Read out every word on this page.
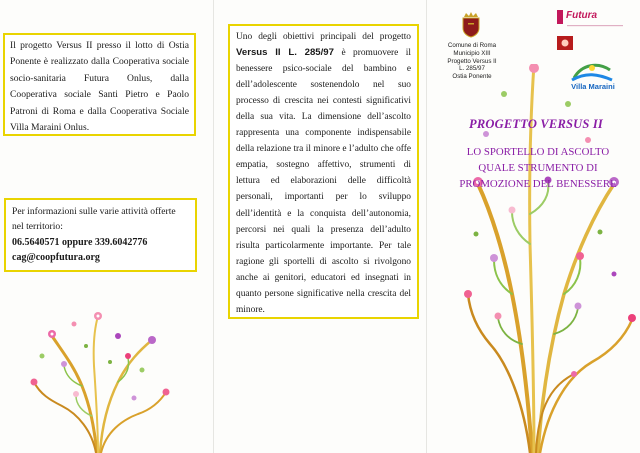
Il progetto Versus II presso il lotto di Ostia Ponente è realizzato dalla Cooperativa sociale socio-sanitaria Futura Onlus, dalla Cooperativa sociale Santi Pietro e Paolo Patroni di Roma e dalla Cooperativa Sociale Villa Maraini Onlus.

Per informazioni sulle varie attività offerte nel territorio:

06.5640571 oppure 339.6042776

cag@coopfutura.org

Uno degli obiettivi principali del progetto Versus II L. 285/97 è promuovere il benessere psico-sociale del bambino e dell’adolescente sostenendolo nel suo processo di crescita nei contesti significativi della sua vita. La dimensione dell’ascolto rappresenta una componente indispensabile della relazione tra il minore e l’adulto che offe empatia, sostegno affettivo, strumenti di lettura ed elaborazioni delle difficoltà personali, importanti per lo sviluppo dell’identità e la conquista dell’autonomia, percorsi nei quali la presenza dell’adulto risulta particolarmente importante. Per tale ragione gli sportelli di ascolto si rivolgono anche ai genitori, educatori ed insegnati in quanto persone significative nella crescita del minore.

Comune di Roma
Municipio XIII
Progetto Versus II
L. 285/97
Ostia Ponente
Futura
Villa Maraini
PROGETTO VERSUS II
LO SPORTELLO DI ASCOLTO
QUALE STRUMENTO DI
PROMOZIONE DEL BENESSERE
